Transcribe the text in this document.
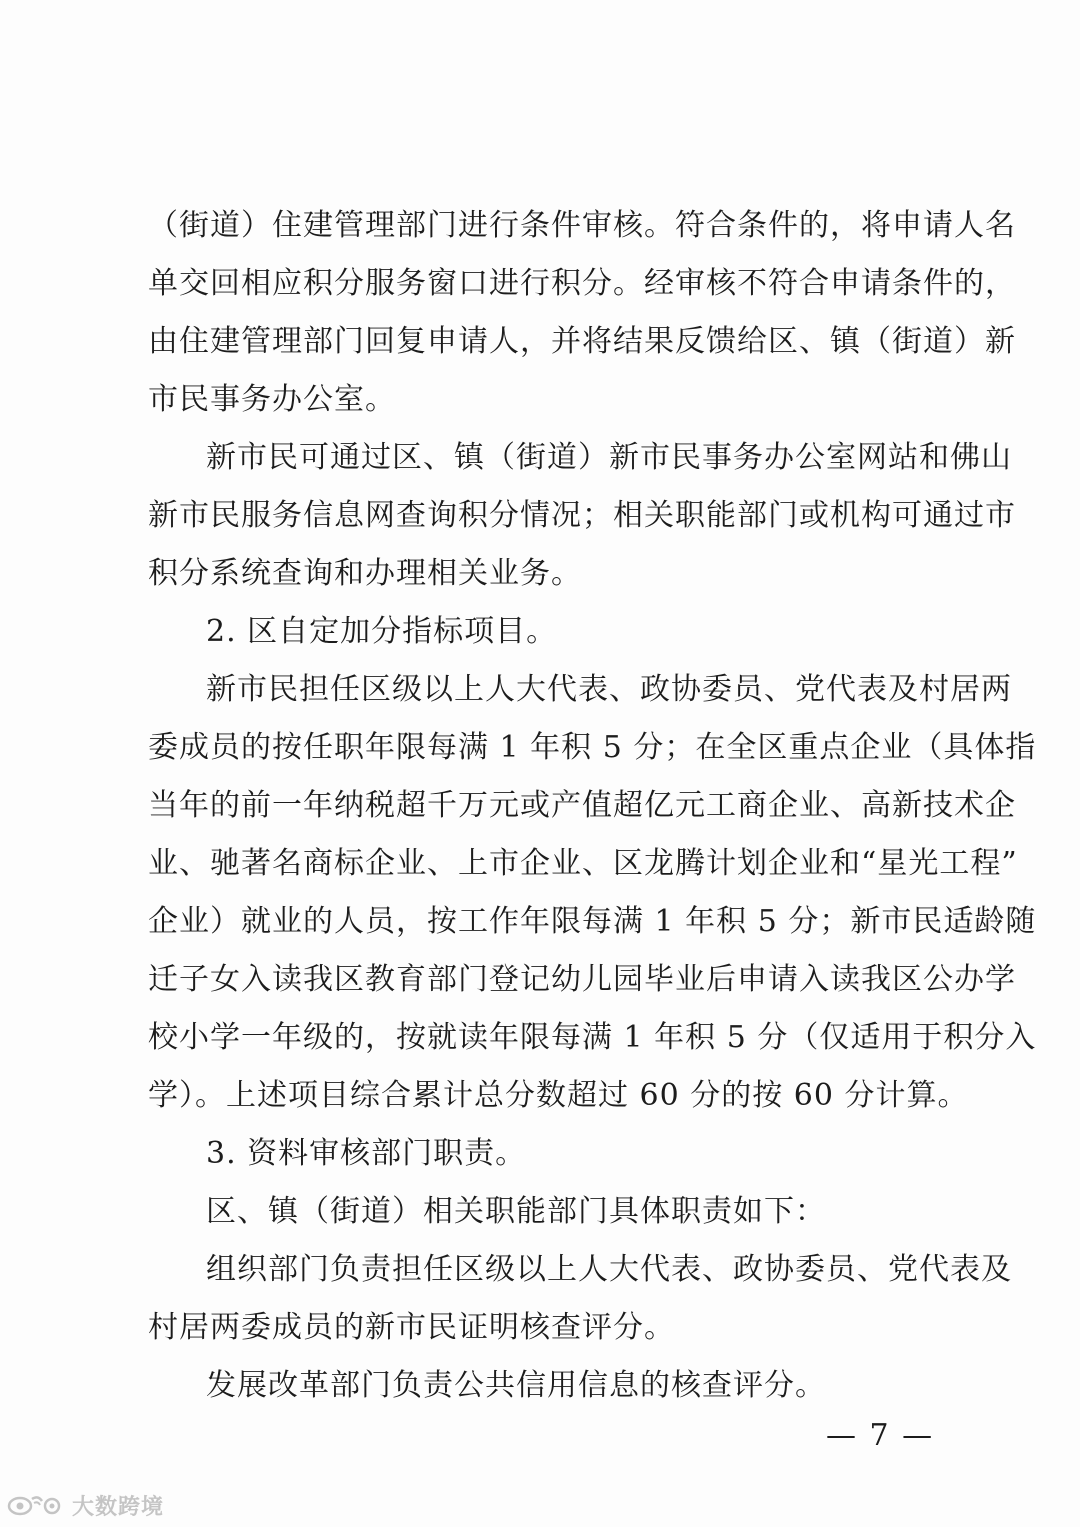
（街道）住建管理部门进行条件审核。符合条件的，将申请人名
单交回相应积分服务窗口进行积分。经审核不符合申请条件的，
由住建管理部门回复申请人，并将结果反馈给区、镇（街道）新
市民事务办公室。
新市民可通过区、镇（街道）新市民事务办公室网站和佛山
新市民服务信息网查询积分情况；相关职能部门或机构可通过市
积分系统查询和办理相关业务。
2. 区自定加分指标项目。
新市民担任区级以上人大代表、政协委员、党代表及村居两
委成员的按任职年限每满 1 年积 5 分；在全区重点企业（具体指
当年的前一年纳税超千万元或产值超亿元工商企业、高新技术企
业、驰著名商标企业、上市企业、区龙腾计划企业和“星光工程”
企业）就业的人员，按工作年限每满 1 年积 5 分；新市民适龄随
迁子女入读我区教育部门登记幼儿园毕业后申请入读我区公办学
校小学一年级的，按就读年限每满 1 年积 5 分（仅适用于积分入
学）。上述项目综合累计总分数超过 60 分的按 60 分计算。
3. 资料审核部门职责。
区、镇（街道）相关职能部门具体职责如下：
组织部门负责担任区级以上人大代表、政协委员、党代表及
村居两委成员的新市民证明核查评分。
发展改革部门负责公共信用信息的核查评分。
— 7 —
大数跨境
